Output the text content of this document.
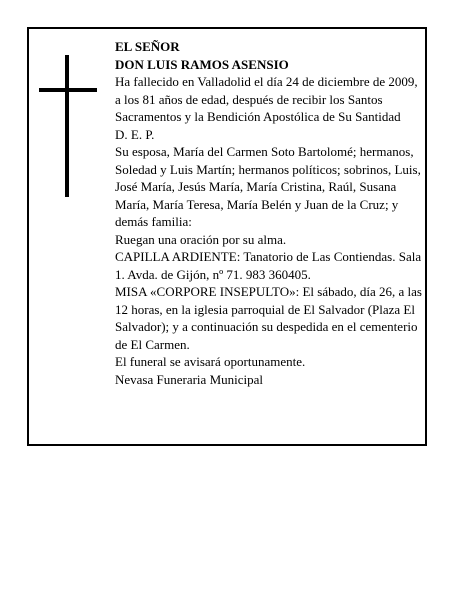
EL SEÑOR

DON LUIS RAMOS ASENSIO

Ha fallecido en Valladolid el día 24 de diciembre de 2009, a los 81 años de edad, después de recibir los Santos Sacramentos y la Bendición Apostólica de Su Santidad

D. E. P.

Su esposa, María del Carmen Soto Bartolomé; hermanos, Soledad y Luis Martín; hermanos políticos; sobrinos, Luis, José María, Jesús María, María Cristina, Raúl, Susana María, María Teresa, María Belén y Juan de la Cruz; y demás familia:

Ruegan una oración por su alma.

CAPILLA ARDIENTE: Tanatorio de Las Contiendas. Sala 1. Avda. de Gijón, nº 71. 983 360405.

MISA «CORPORE INSEPULTO»: El sábado, día 26, a las 12 horas, en la iglesia parroquial de El Salvador (Plaza El Salvador); y a continuación su despedida en el cementerio de El Carmen.

El funeral se avisará oportunamente.

Nevasa Funeraria Municipal
